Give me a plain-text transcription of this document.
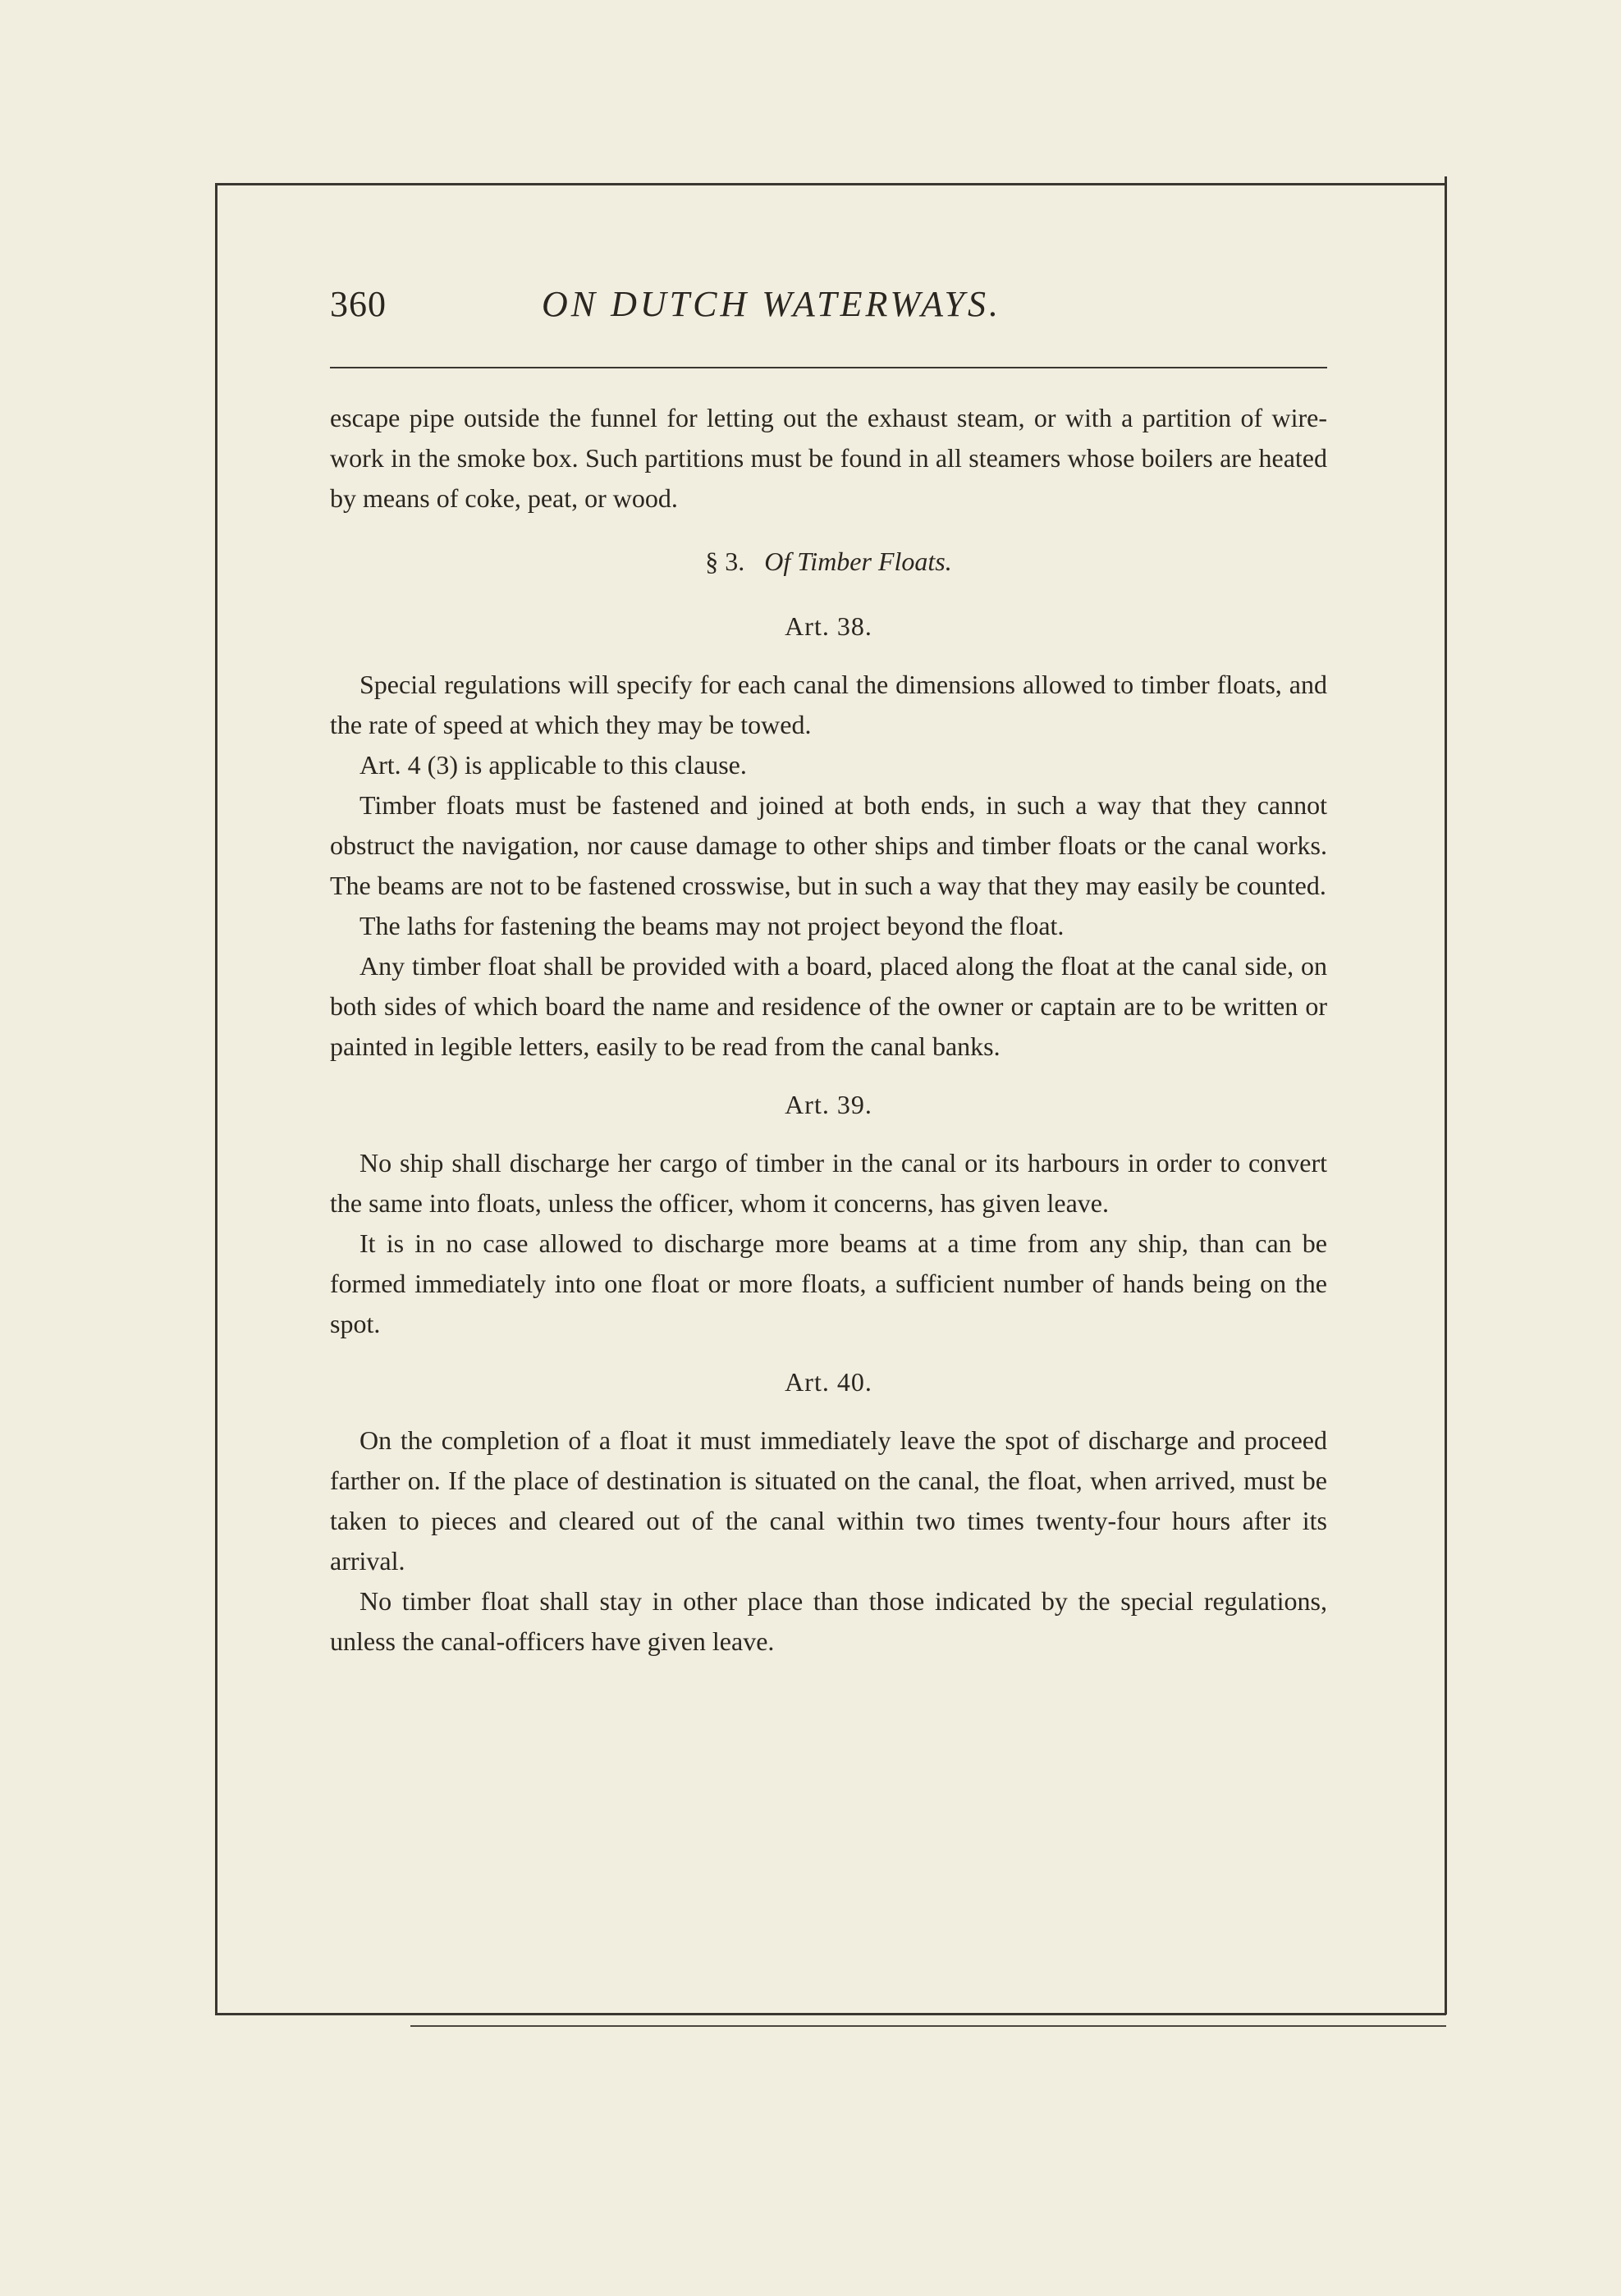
360	ON DUTCH WATERWAYS.

escape pipe outside the funnel for letting out the exhaust steam, or with a partition of wire-work in the smoke box. Such partitions must be found in all steamers whose boilers are heated by means of coke, peat, or wood.

§ 3. Of Timber Floats.
Art. 38.

Special regulations will specify for each canal the dimensions allowed to timber floats, and the rate of speed at which they may be towed.

Art. 4 (3) is applicable to this clause.

Timber floats must be fastened and joined at both ends, in such a way that they cannot obstruct the navigation, nor cause damage to other ships and timber floats or the canal works. The beams are not to be fastened crosswise, but in such a way that they may easily be counted.

The laths for fastening the beams may not project beyond the float.

Any timber float shall be provided with a board, placed along the float at the canal side, on both sides of which board the name and residence of the owner or captain are to be written or painted in legible letters, easily to be read from the canal banks.

Art. 39.

No ship shall discharge her cargo of timber in the canal or its harbours in order to convert the same into floats, unless the officer, whom it concerns, has given leave.

It is in no case allowed to discharge more beams at a time from any ship, than can be formed immediately into one float or more floats, a sufficient number of hands being on the spot.

Art. 40.

On the completion of a float it must immediately leave the spot of discharge and proceed farther on. If the place of destination is situated on the canal, the float, when arrived, must be taken to pieces and cleared out of the canal within two times twenty-four hours after its arrival.

No timber float shall stay in other place than those indicated by the special regulations, unless the canal-officers have given leave.
